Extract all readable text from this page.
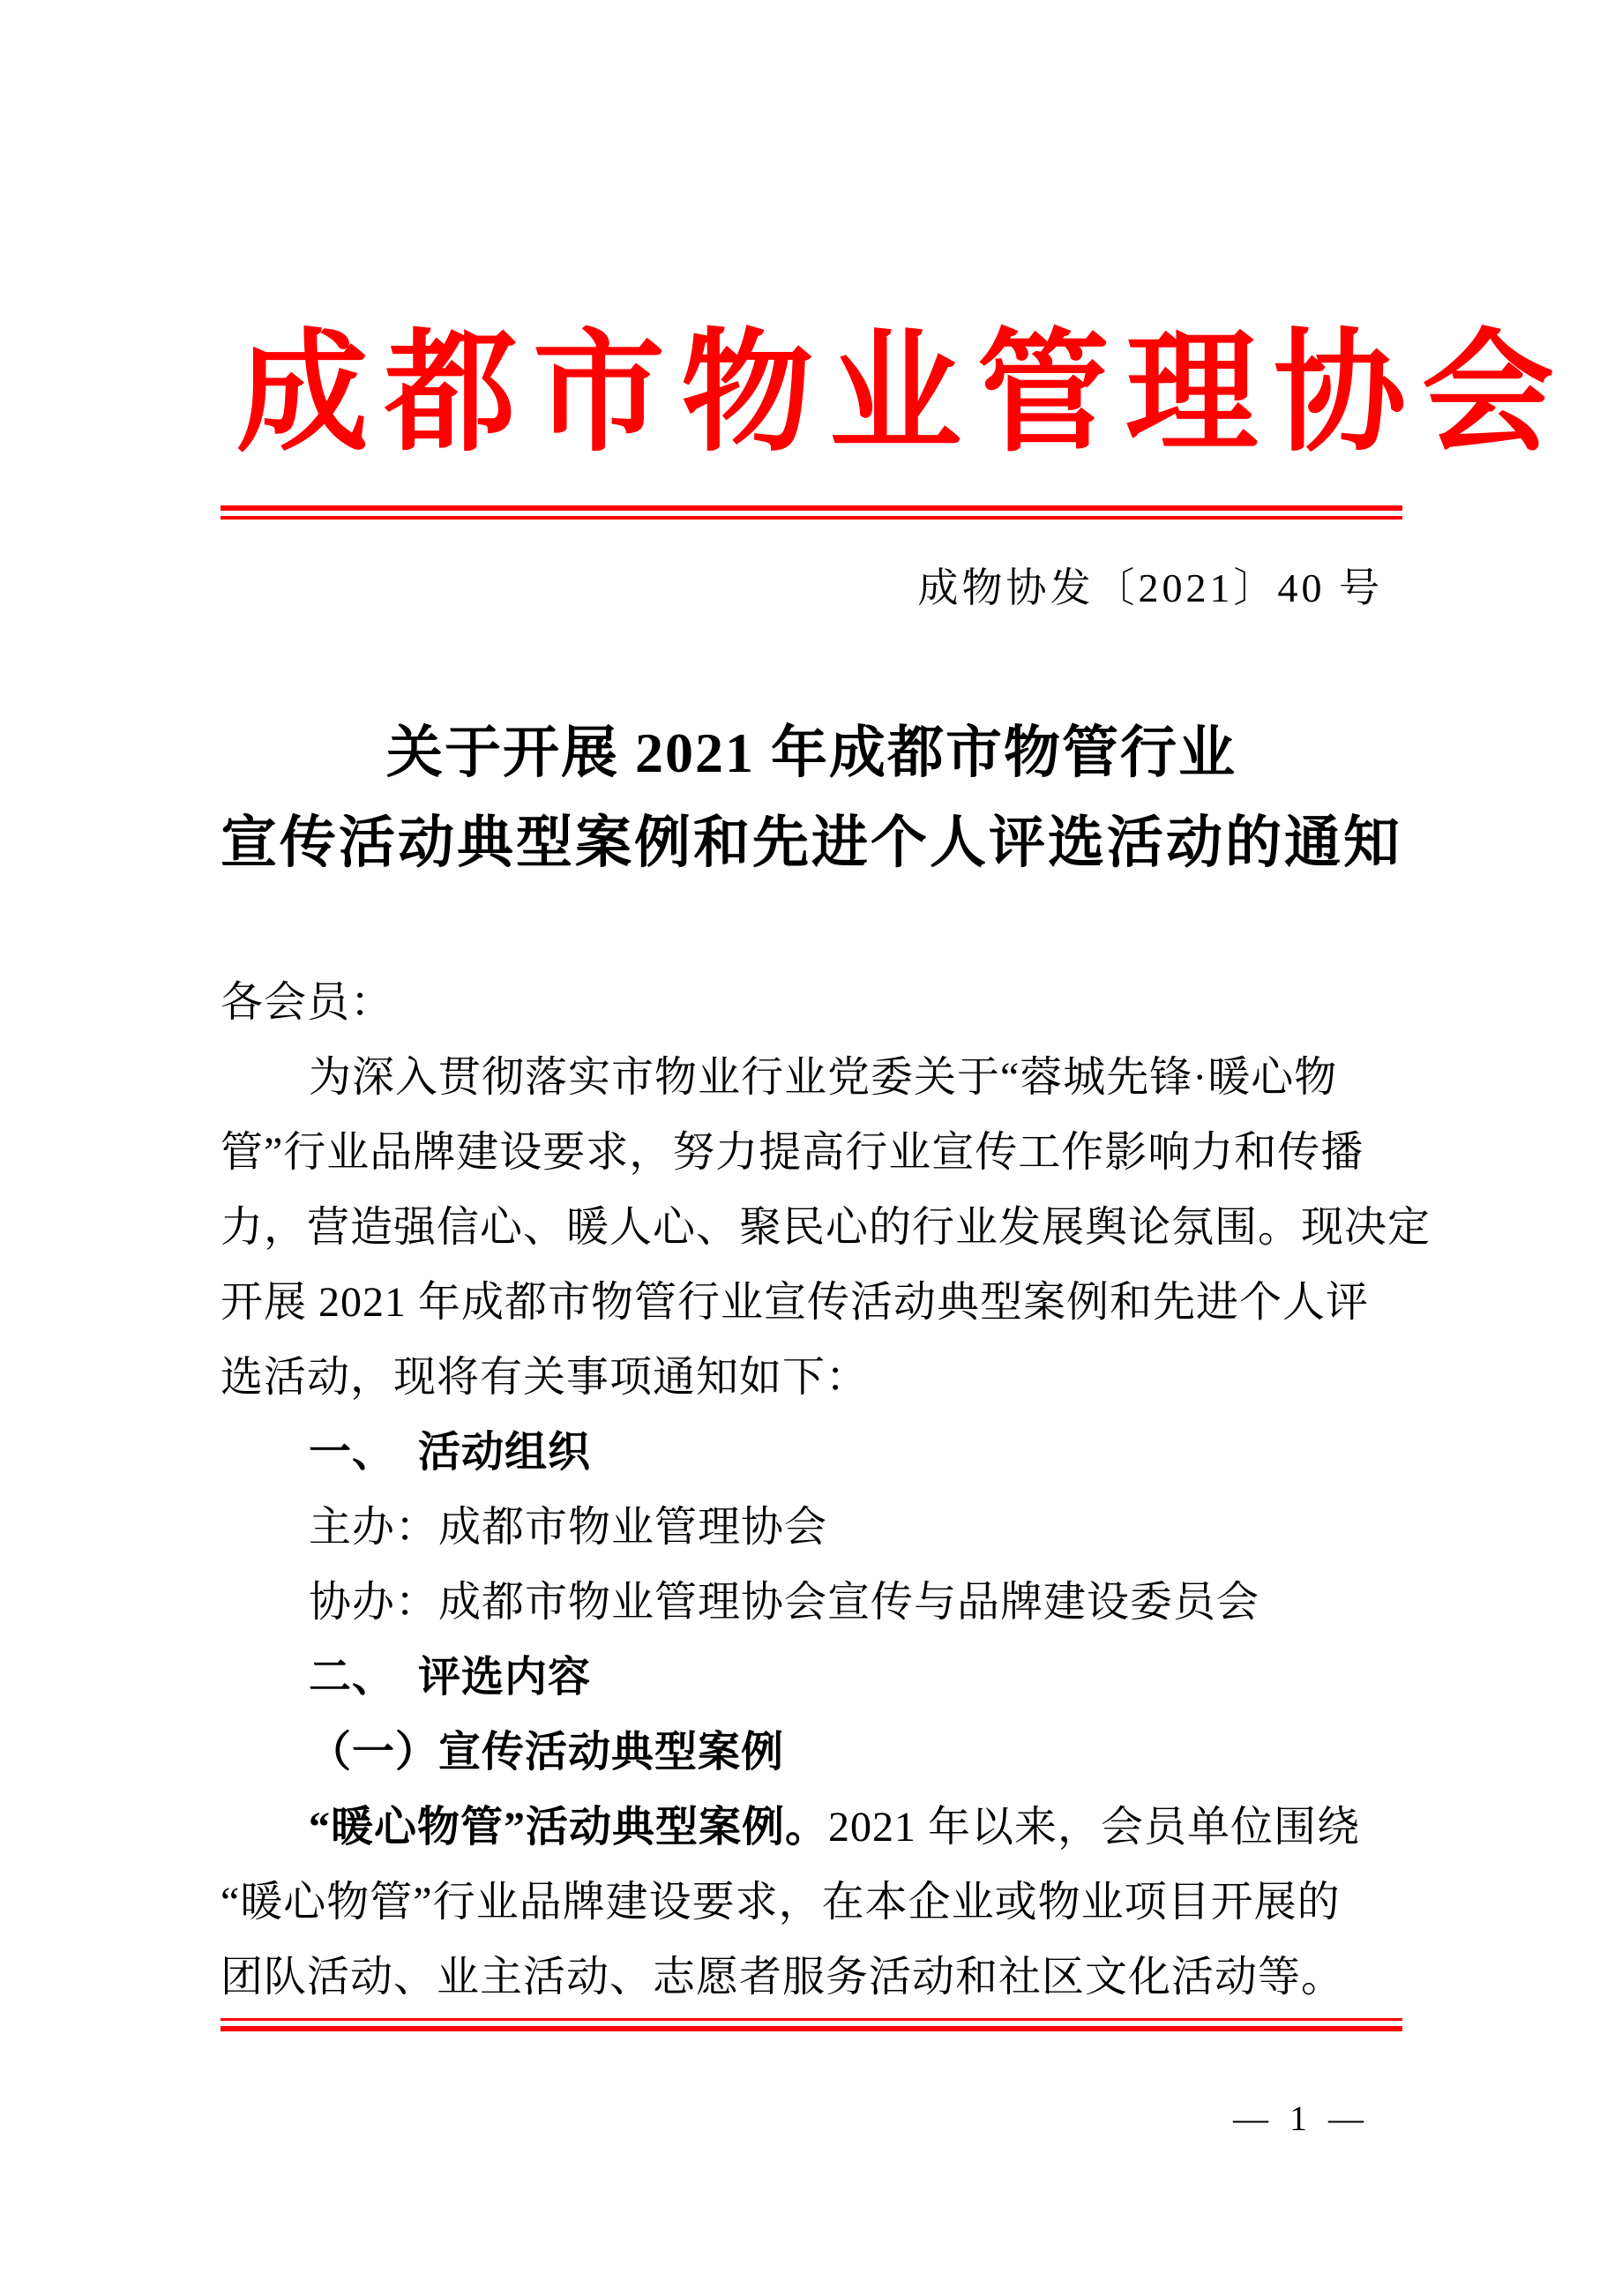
成都市物业管理协会
成物协发〔2021〕40 号
关于开展 2021 年成都市物管行业
宣传活动典型案例和先进个人评选活动的通知
各会员：
为深入贯彻落实市物业行业党委关于“蓉城先锋·暖心物
管”行业品牌建设要求，努力提高行业宣传工作影响力和传播
力，营造强信心、暖人心、聚民心的行业发展舆论氛围。现决定
开展 2021 年成都市物管行业宣传活动典型案例和先进个人评
选活动，现将有关事项通知如下：
一、 活动组织
主办：成都市物业管理协会
协办：成都市物业管理协会宣传与品牌建设委员会
二、 评选内容
（一）宣传活动典型案例
“暖心物管”活动典型案例。2021 年以来，会员单位围绕
“暖心物管”行业品牌建设要求，在本企业或物业项目开展的
团队活动、业主活动、志愿者服务活动和社区文化活动等。
— 1 —
